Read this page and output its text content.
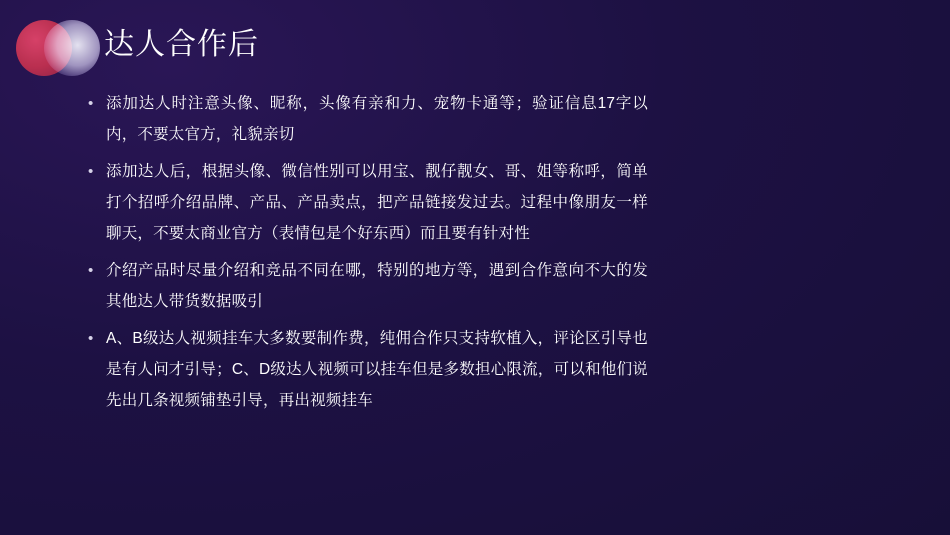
达人合作后
• 添加达人时注意头像、昵称，头像有亲和力、宠物卡通等；验证信息17字以内，不要太官方，礼貌亲切
• 添加达人后，根据头像、微信性别可以用宝、靓仔靓女、哥、姐等称呼，简单打个招呼介绍品牌、产品、产品卖点，把产品链接发过去。过程中像朋友一样聊天，不要太商业官方（表情包是个好东西）而且要有针对性
• 介绍产品时尽量介绍和竞品不同在哪，特别的地方等，遇到合作意向不大的发其他达人带货数据吸引
• A、B级达人视频挂车大多数要制作费，纯佣合作只支持软植入，评论区引导也是有人问才引导；C、D级达人视频可以挂车但是多数担心限流，可以和他们说先出几条视频铺垫引导，再出视频挂车
